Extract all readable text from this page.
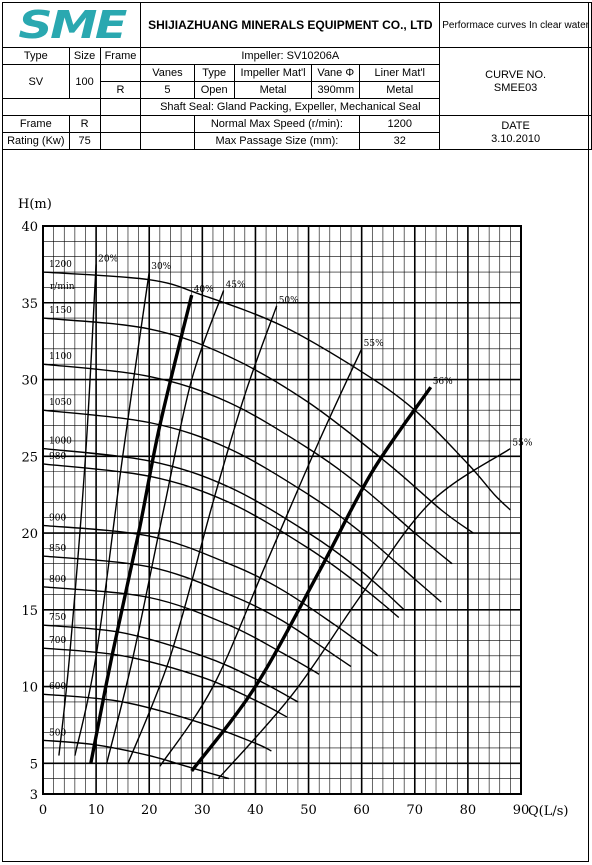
SME			SHIJIAZHUANG MINERALS EQUIPMENT CO., LTD					Performace curves In clear water
Type	Size	Frame	Impeller: SV10206A					CURVE NO.
SMEE03

SV	100		Vanes	Type	Impeller Mat'l	Vane Φ	Liner Mat'l	
		R	5	Open	Metal	390mm	Metal	
			Shaft Seal: Gland Packing, Expeller, Mechanical Seal					
Frame	R			Normal Max Speed (r/min):			1200	DATE
3.10.2010

Rating (Kw)	75			Max Passage Size (mm):			32	
1200
1150
1100
1050
1000
980
900
850
800
750
700
600
500
20%
30%
40% 45%
50%
55%
56%
55%
0	10	20	30	40	50	60	70	80	90
3
5
10
15
20
25
30
35
40
H(m)
Q(L/s)
r/min
